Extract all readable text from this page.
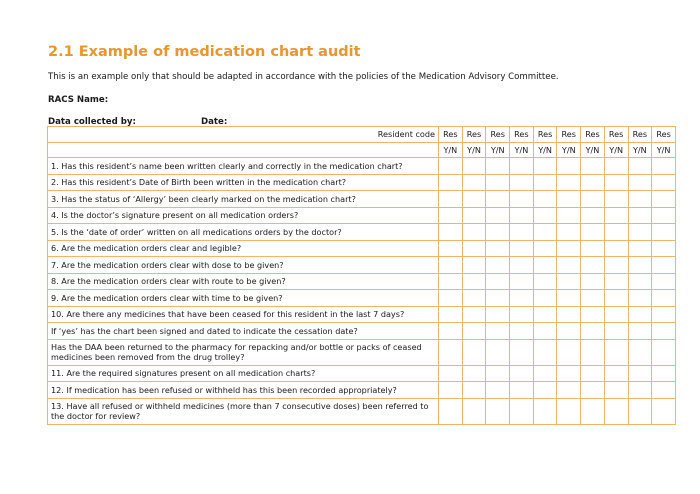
2.1 Example of medication chart audit
This is an example only that should be adapted in accordance with the policies of the Medication Advisory Committee.
RACS Name:
Data collected by:	Date:
Resident code	Res	Res	Res	Res	Res	Res	Res	Res	Res	Res
	Y/N	Y/N	Y/N	Y/N	Y/N	Y/N	Y/N	Y/N	Y/N	Y/N
1. Has this resident’s name been written clearly and correctly in the medication chart?										
2. Has this resident’s Date of Birth been written in the medication chart?										
3. Has the status of ‘Allergy’ been clearly marked on the medication chart?										
4. Is the doctor’s signature present on all medication orders?										
5. Is the ‘date of order’ written on all medications orders by the doctor?										
6. Are the medication orders clear and legible?										
7. Are the medication orders clear with dose to be given?										
8. Are the medication orders clear with route to be given?										
9. Are the medication orders clear with time to be given?										
10. Are there any medicines that have been ceased for this resident in the last 7 days?										
If ‘yes’ has the chart been signed and dated to indicate the cessation date?										
Has the DAA been returned to the pharmacy for repacking and/or bottle or packs of ceased medicines been removed from the drug trolley?										
11. Are the required signatures present on all medication charts?										
12. If medication has been refused or withheld has this been recorded appropriately?										
13. Have all refused or withheld medicines (more than 7 consecutive doses) been referred to the doctor for review?										
